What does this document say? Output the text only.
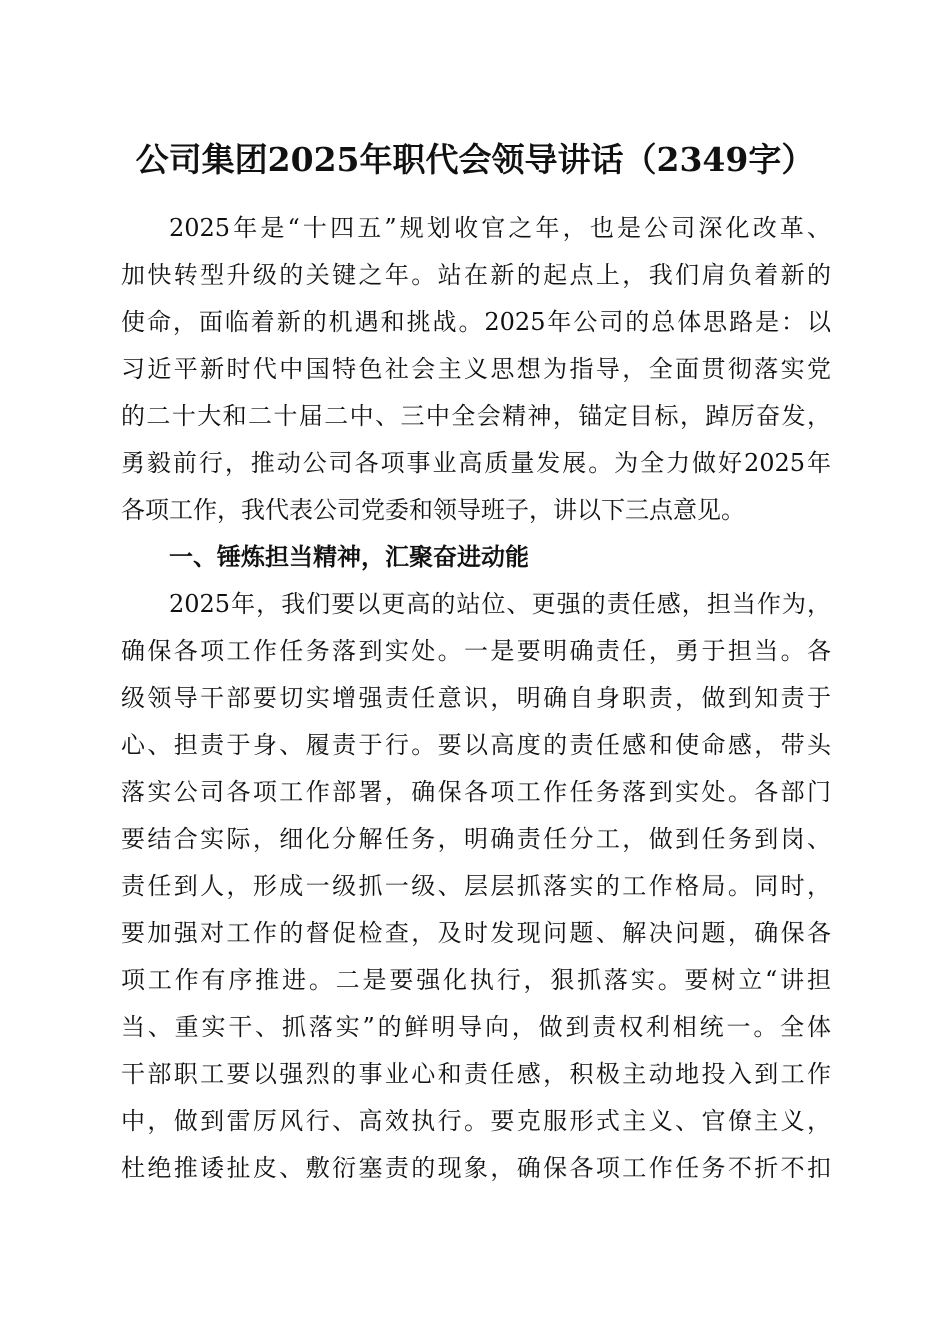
公司集团2025年职代会领导讲话（2349字）
2025年是“十四五”规划收官之年，也是公司深化改革、
加快转型升级的关键之年。站在新的起点上，我们肩负着新的
使命，面临着新的机遇和挑战。2025年公司的总体思路是：以
习近平新时代中国特色社会主义思想为指导，全面贯彻落实党
的二十大和二十届二中、三中全会精神，锚定目标，踔厉奋发，
勇毅前行，推动公司各项事业高质量发展。为全力做好2025年
各项工作，我代表公司党委和领导班子，讲以下三点意见。
一、锤炼担当精神，汇聚奋进动能
2025年，我们要以更高的站位、更强的责任感，担当作为，
确保各项工作任务落到实处。一是要明确责任，勇于担当。各
级领导干部要切实增强责任意识，明确自身职责，做到知责于
心、担责于身、履责于行。要以高度的责任感和使命感，带头
落实公司各项工作部署，确保各项工作任务落到实处。各部门
要结合实际，细化分解任务，明确责任分工，做到任务到岗、
责任到人，形成一级抓一级、层层抓落实的工作格局。同时，
要加强对工作的督促检查，及时发现问题、解决问题，确保各
项工作有序推进。二是要强化执行，狠抓落实。要树立“讲担
当、重实干、抓落实”的鲜明导向，做到责权利相统一。全体
干部职工要以强烈的事业心和责任感，积极主动地投入到工作
中，做到雷厉风行、高效执行。要克服形式主义、官僚主义，
杜绝推诿扯皮、敷衍塞责的现象，确保各项工作任务不折不扣
